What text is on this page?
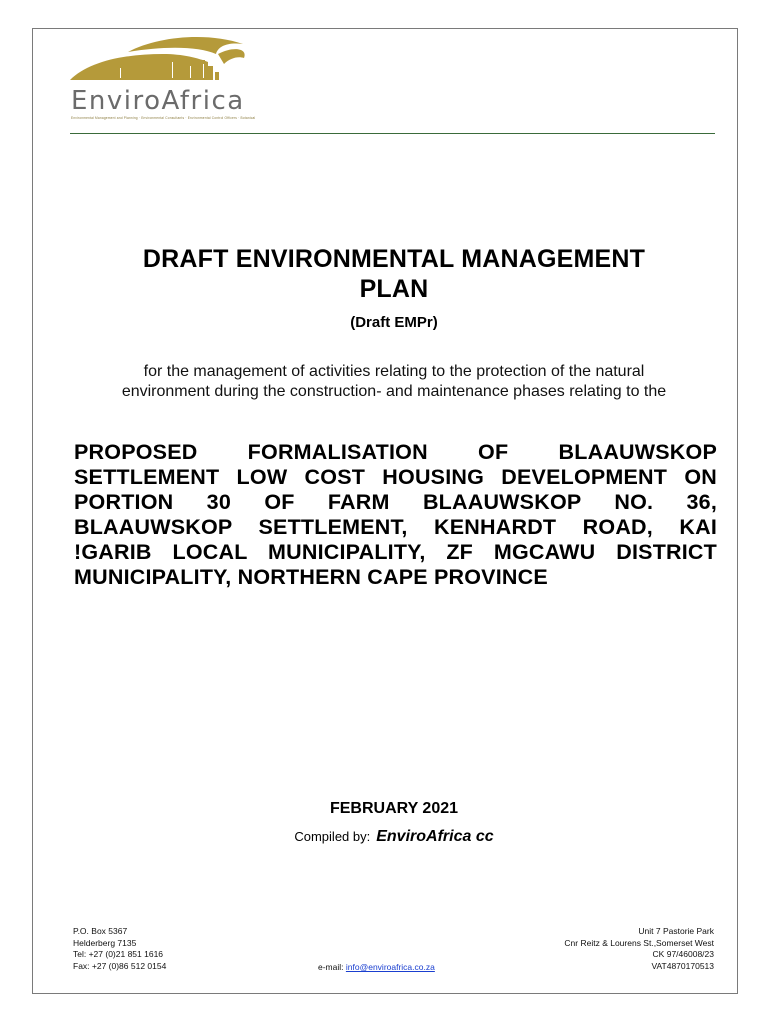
EnviroAfrica
Environmental Management and Planning · Environmental Consultants · Environmental Control Officers · Botanical
DRAFT ENVIRONMENTAL MANAGEMENT
PLAN
(Draft EMPr)
for the management of activities relating to the protection of the natural
environment during the construction- and maintenance phases relating to the
PROPOSED FORMALISATION OF BLAAUWSKOP
SETTLEMENT LOW COST HOUSING DEVELOPMENT ON
PORTION 30 OF FARM BLAAUWSKOP NO. 36,
BLAAUWSKOP SETTLEMENT, KENHARDT ROAD, KAI
!GARIB LOCAL MUNICIPALITY, ZF MGCAWU DISTRICT
MUNICIPALITY, NORTHERN CAPE PROVINCE
FEBRUARY 2021
Compiled by: EnviroAfrica cc
P.O. Box 5367
Helderberg 7135
Tel: +27 (0)21 851 1616
Fax: +27 (0)86 512 0154	e-mail: info@enviroafrica.co.za
Unit 7 Pastorie Park
Cnr Reitz & Lourens St.,Somerset West
CK 97/46008/23
VAT4870170513
